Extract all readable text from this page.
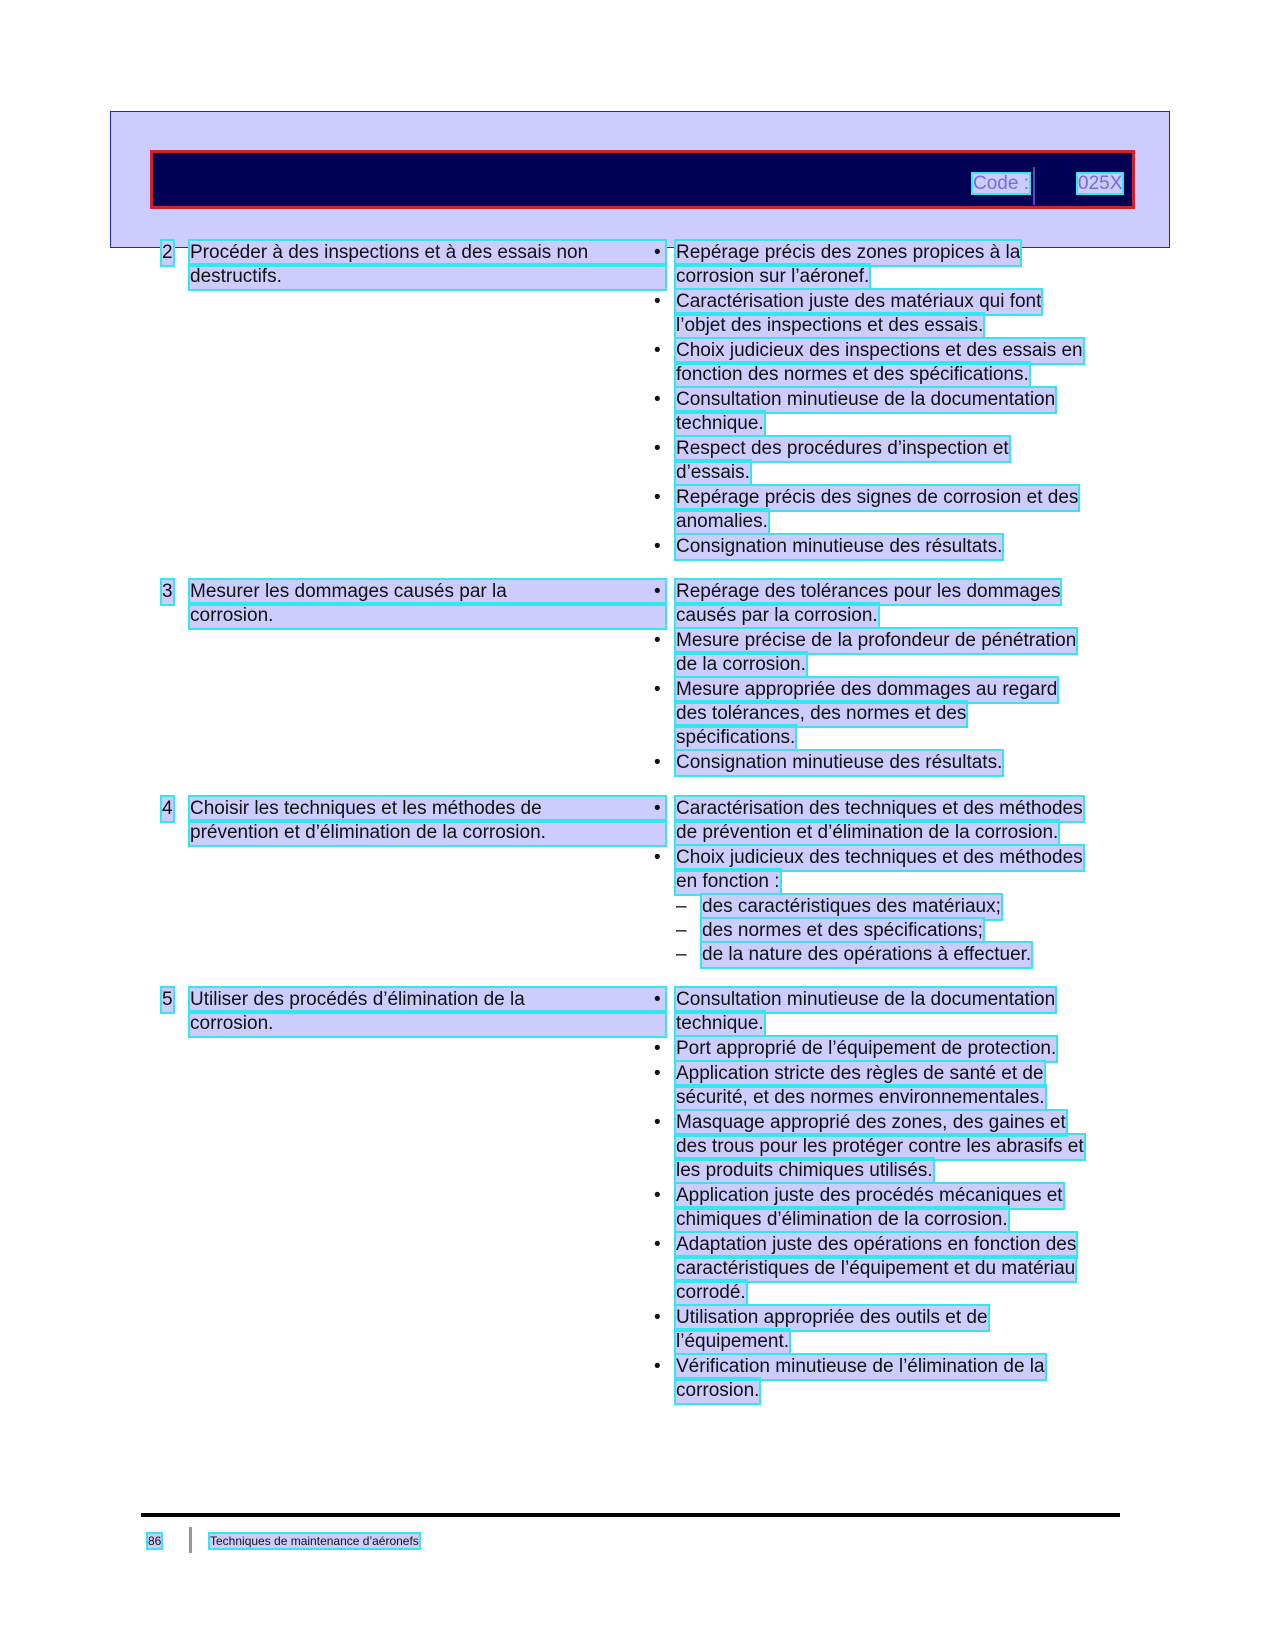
Code :	025X
2 Procéder à des inspections et à des essais non
destructifs.
• Repérage précis des zones propices à la
corrosion sur l’aéronef.
• Caractérisation juste des matériaux qui font
l’objet des inspections et des essais.
• Choix judicieux des inspections et des essais en
fonction des normes et des spécifications.
• Consultation minutieuse de la documentation
technique.
• Respect des procédures d’inspection et
d’essais.
• Repérage précis des signes de corrosion et des
anomalies.
• Consignation minutieuse des résultats.
3 Mesurer les dommages causés par la
corrosion.
• Repérage des tolérances pour les dommages
causés par la corrosion.
• Mesure précise de la profondeur de pénétration
de la corrosion.
• Mesure appropriée des dommages au regard
des tolérances, des normes et des
spécifications.
• Consignation minutieuse des résultats.
4 Choisir les techniques et les méthodes de
prévention et d’élimination de la corrosion.
• Caractérisation des techniques et des méthodes
de prévention et d’élimination de la corrosion.
• Choix judicieux des techniques et des méthodes
en fonction :
– des caractéristiques des matériaux;
– des normes et des spécifications;
– de la nature des opérations à effectuer.
5 Utiliser des procédés d’élimination de la
corrosion.
• Consultation minutieuse de la documentation
technique.
• Port approprié de l’équipement de protection.
• Application stricte des règles de santé et de
sécurité, et des normes environnementales.
• Masquage approprié des zones, des gaines et
des trous pour les protéger contre les abrasifs et
les produits chimiques utilisés.
• Application juste des procédés mécaniques et
chimiques d’élimination de la corrosion.
• Adaptation juste des opérations en fonction des
caractéristiques de l’équipement et du matériau
corrodé.
• Utilisation appropriée des outils et de
l’équipement.
• Vérification minutieuse de l’élimination de la
corrosion.
86	Techniques de maintenance d’aéronefs
